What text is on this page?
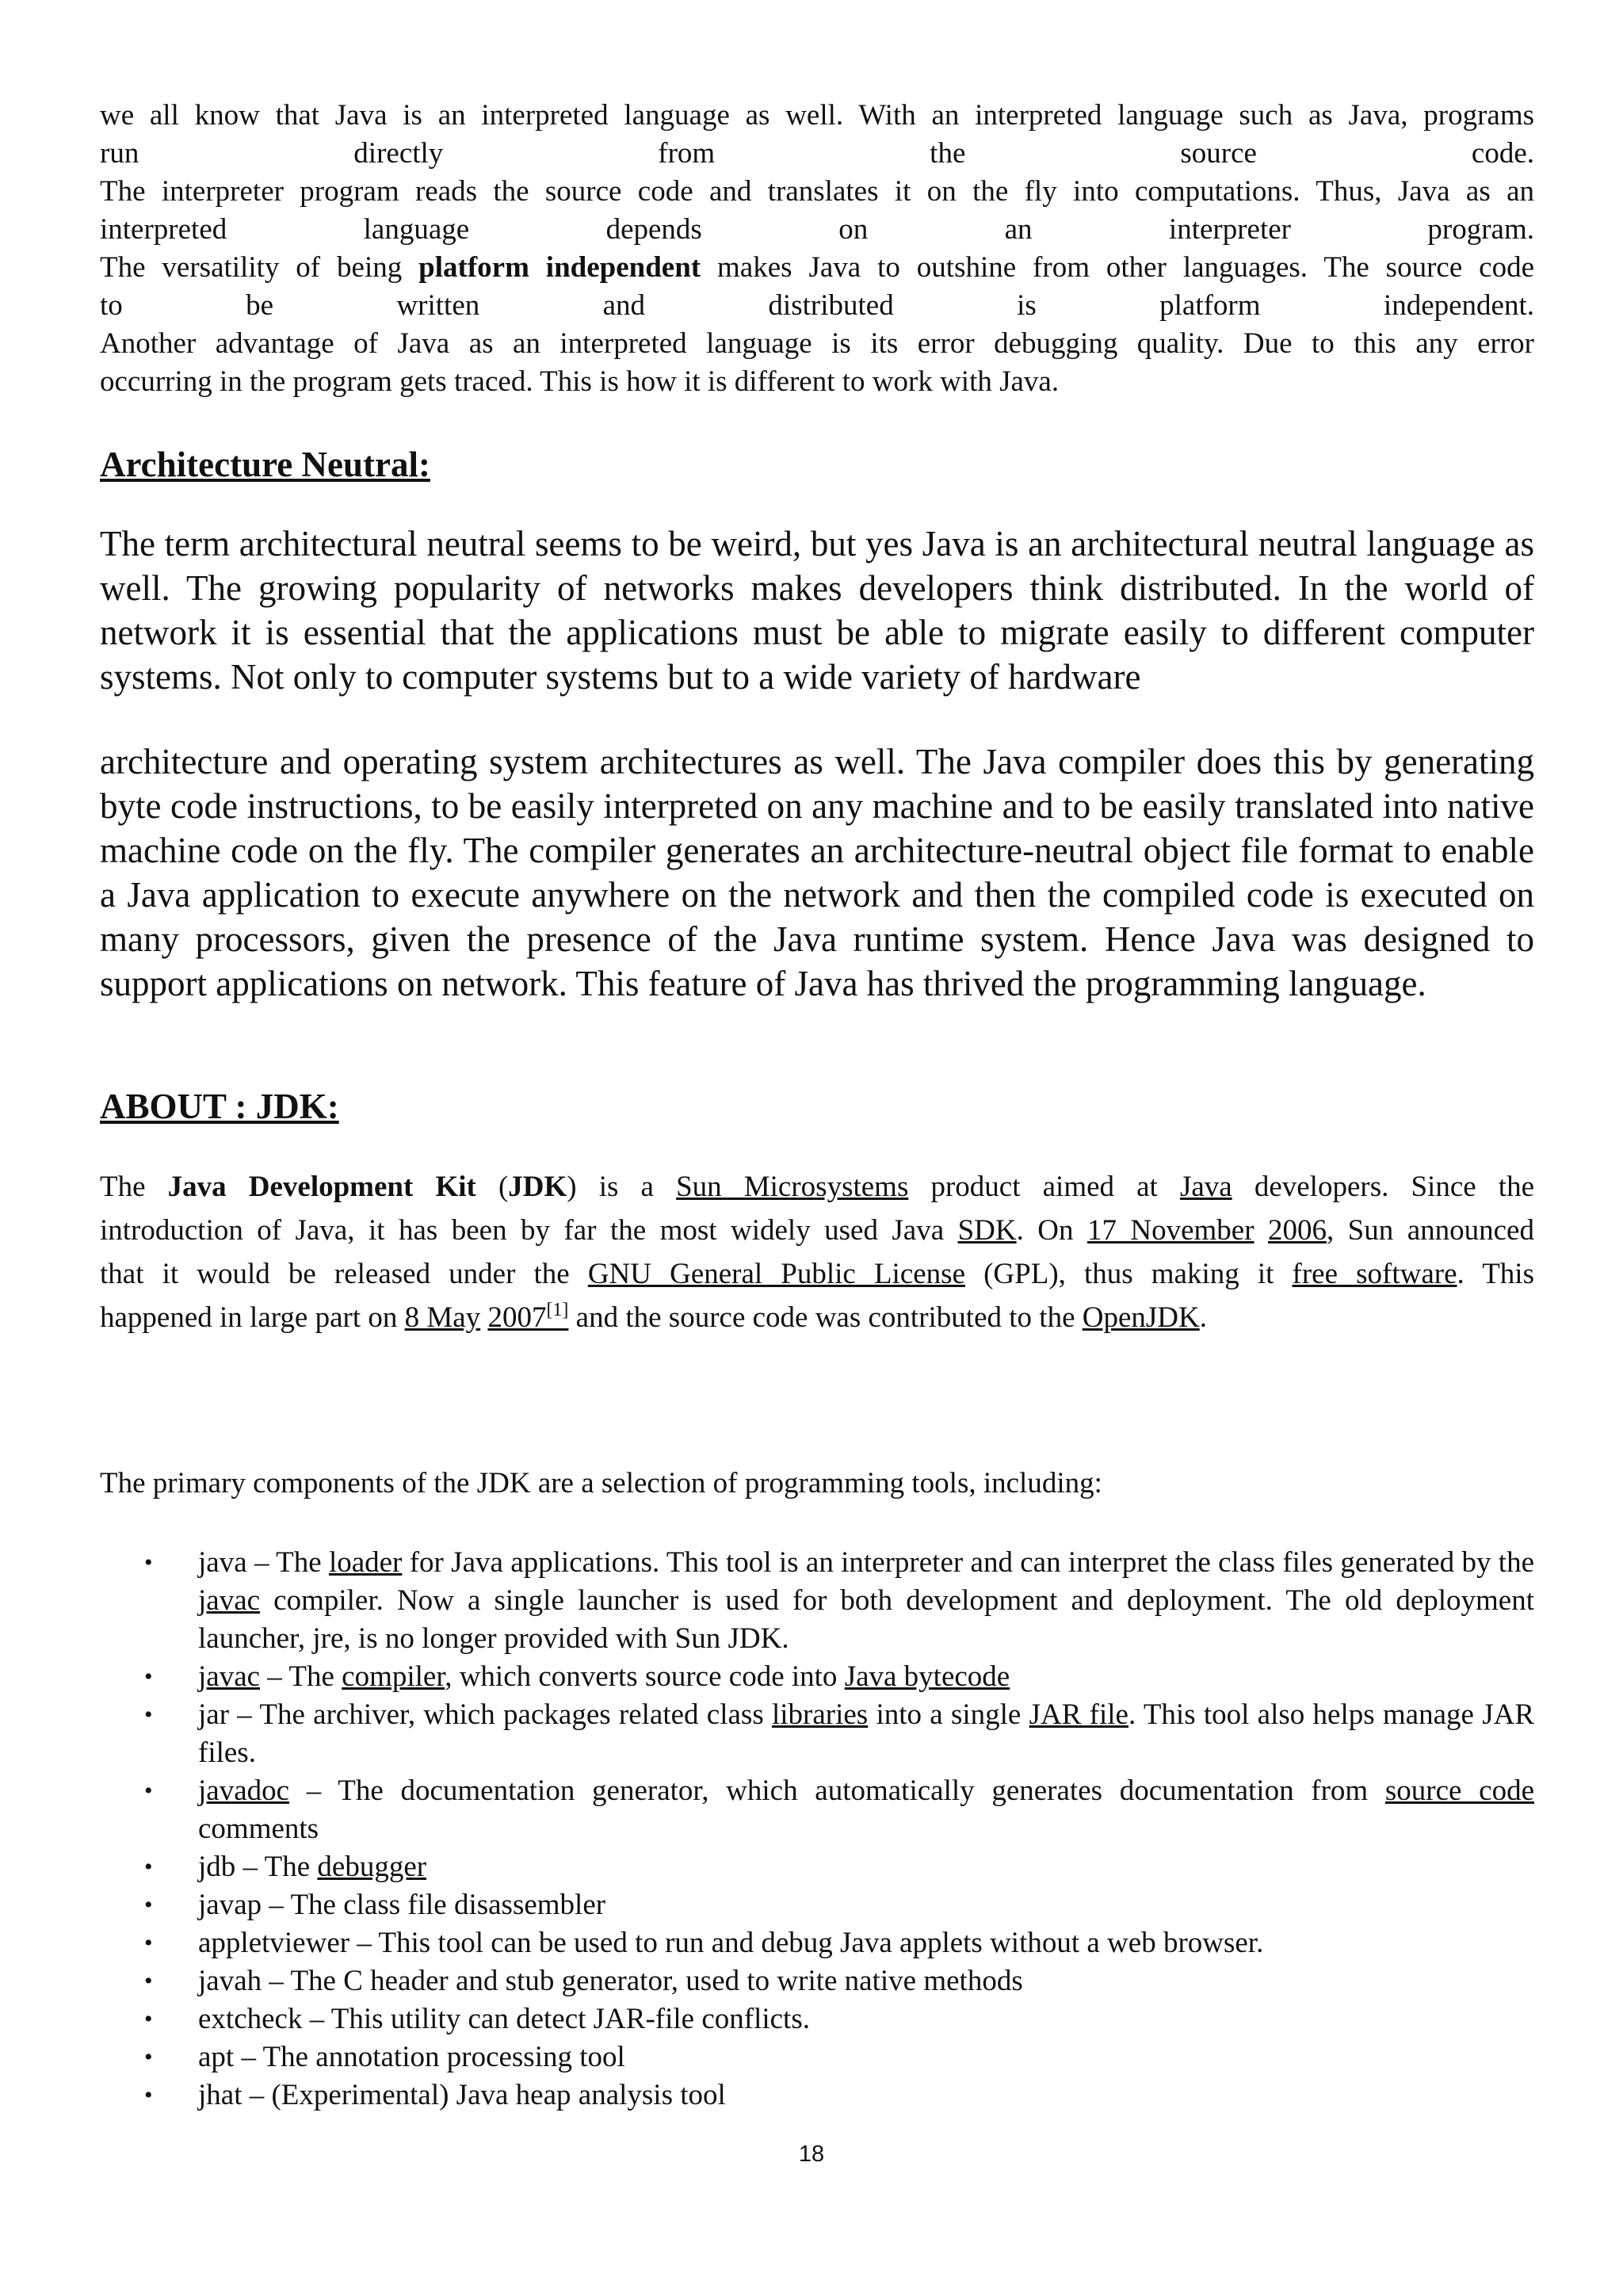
we all know that Java is an interpreted language as well. With an interpreted language such as Java, programs
run directly from the source code.
The interpreter program reads the source code and translates it on the fly into computations. Thus, Java as an
interpreted language depends on an interpreter program.
The versatility of being platform independent makes Java to outshine from other languages. The source code
to be written and distributed is platform independent.
Another advantage of Java as an interpreted language is its error debugging quality. Due to this any error
occurring in the program gets traced. This is how it is different to work with Java.
Architecture Neutral:
The term architectural neutral seems to be weird, but yes Java is an architectural neutral language as well. The growing popularity of networks makes developers think distributed. In the world of network it is essential that the applications must be able to migrate easily to different computer systems. Not only to computer systems but to a wide variety of hardware
architecture and operating system architectures as well. The Java compiler does this by generating byte code instructions, to be easily interpreted on any machine and to be easily translated into native machine code on the fly. The compiler generates an architecture-neutral object file format to enable a Java application to execute anywhere on the network and then the compiled code is executed on many processors, given the presence of the Java runtime system. Hence Java was designed to support applications on network. This feature of Java has thrived the programming language.
ABOUT : JDK:
The Java Development Kit (JDK) is a Sun Microsystems product aimed at Java developers. Since the
introduction of Java, it has been by far the most widely used Java SDK. On 17 November 2006, Sun announced
that it would be released under the GNU General Public License (GPL), thus making it free software. This
happened in large part on 8 May 2007[1] and the source code was contributed to the OpenJDK.
The primary components of the JDK are a selection of programming tools, including:
• java – The loader for Java applications. This tool is an interpreter and can interpret the class files generated by the javac compiler. Now a single launcher is used for both development and deployment. The old deployment launcher, jre, is no longer provided with Sun JDK.
• javac – The compiler, which converts source code into Java bytecode
• jar – The archiver, which packages related class libraries into a single JAR file. This tool also helps manage JAR files.
• javadoc – The documentation generator, which automatically generates documentation from source code comments
• jdb – The debugger
• javap – The class file disassembler
• appletviewer – This tool can be used to run and debug Java applets without a web browser.
• javah – The C header and stub generator, used to write native methods
• extcheck – This utility can detect JAR-file conflicts.
• apt – The annotation processing tool
• jhat – (Experimental) Java heap analysis tool
18
